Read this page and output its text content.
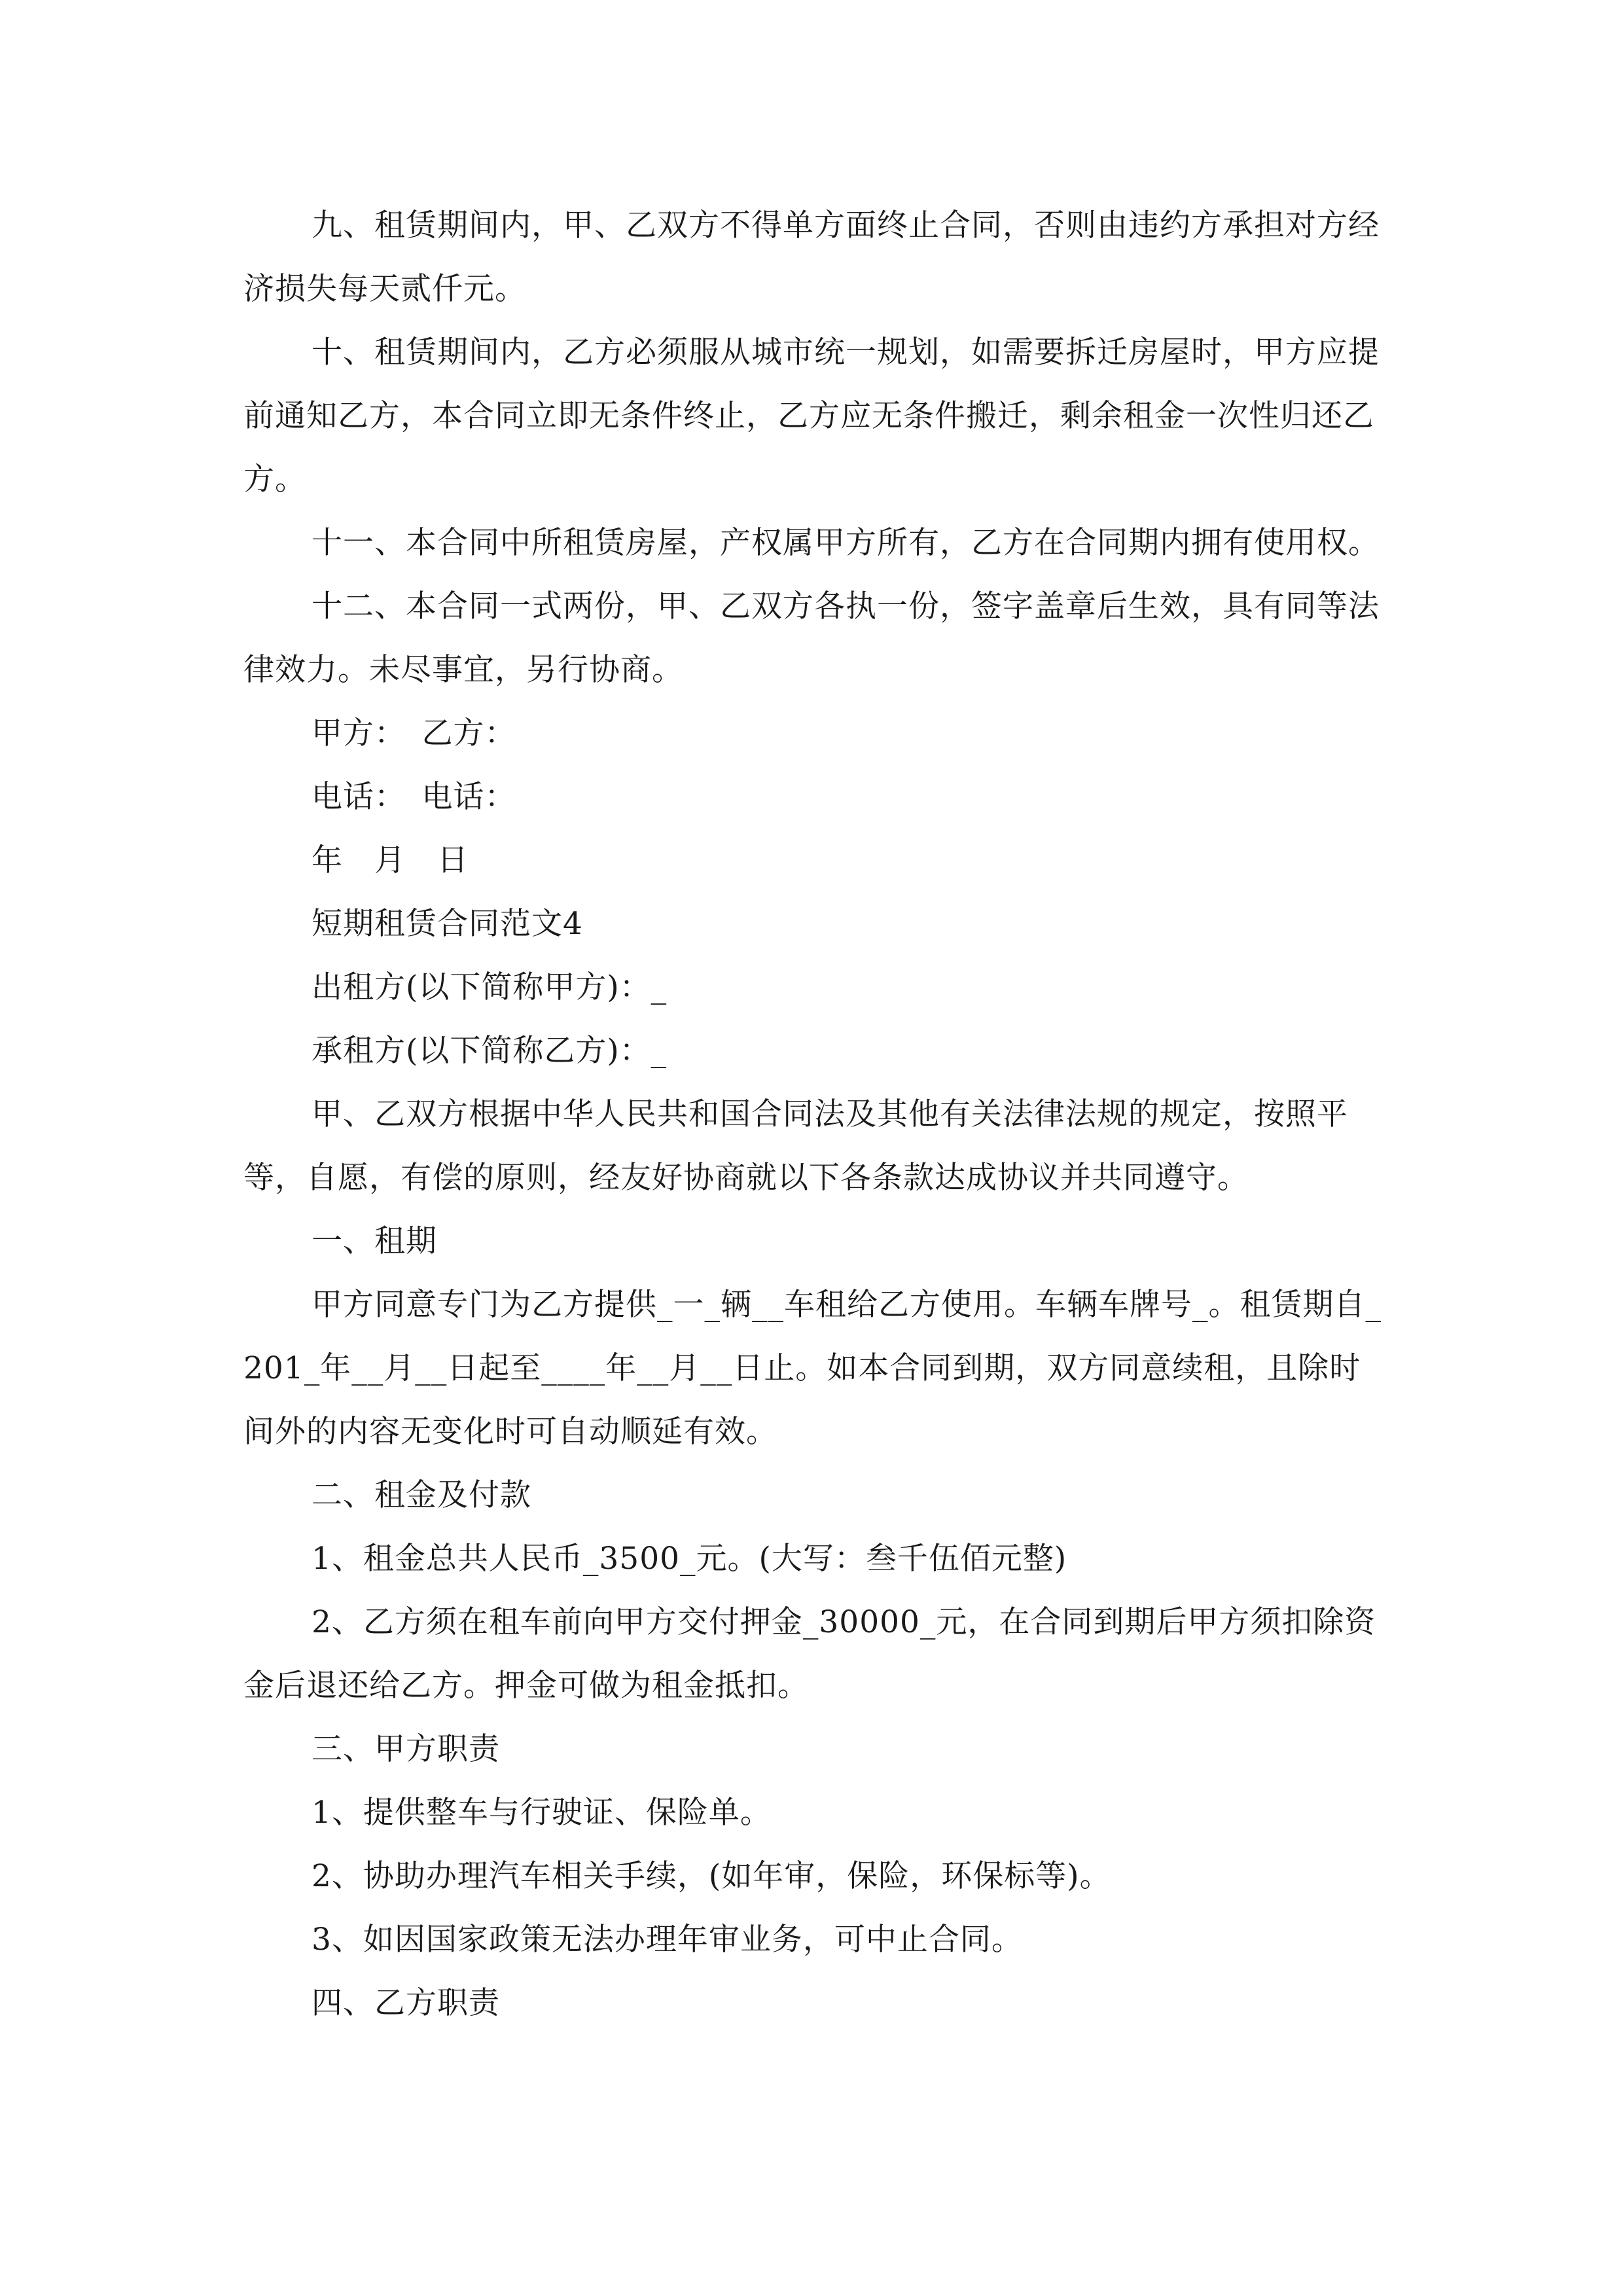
九、租赁期间内，甲、乙双方不得单方面终止合同，否则由违约方承担对方经济损失每天贰仟元。

十、租赁期间内，乙方必须服从城市统一规划，如需要拆迁房屋时，甲方应提前通知乙方，本合同立即无条件终止，乙方应无条件搬迁，剩余租金一次性归还乙方。

十一、本合同中所租赁房屋，产权属甲方所有，乙方在合同期内拥有使用权。

十二、本合同一式两份，甲、乙双方各执一份，签字盖章后生效，具有同等法律效力。未尽事宜，另行协商。

甲方：　乙方：

电话：　电话：

年　月　日

短期租赁合同范文4

出租方(以下简称甲方)：_

承租方(以下简称乙方)：_

甲、乙双方根据中华人民共和国合同法及其他有关法律法规的规定，按照平等，自愿，有偿的原则，经友好协商就以下各条款达成协议并共同遵守。

一、租期

甲方同意专门为乙方提供_一_辆__车租给乙方使用。车辆车牌号_。租赁期自_201_年__月__日起至____年__月__日止。如本合同到期，双方同意续租，且除时间外的内容无变化时可自动顺延有效。

二、租金及付款

1、租金总共人民币_3500_元。(大写：叁千伍佰元整)

2、乙方须在租车前向甲方交付押金_30000_元，在合同到期后甲方须扣除资金后退还给乙方。押金可做为租金抵扣。

三、甲方职责

1、提供整车与行驶证、保险单。

2、协助办理汽车相关手续，(如年审，保险，环保标等)。

3、如因国家政策无法办理年审业务，可中止合同。

四、乙方职责
